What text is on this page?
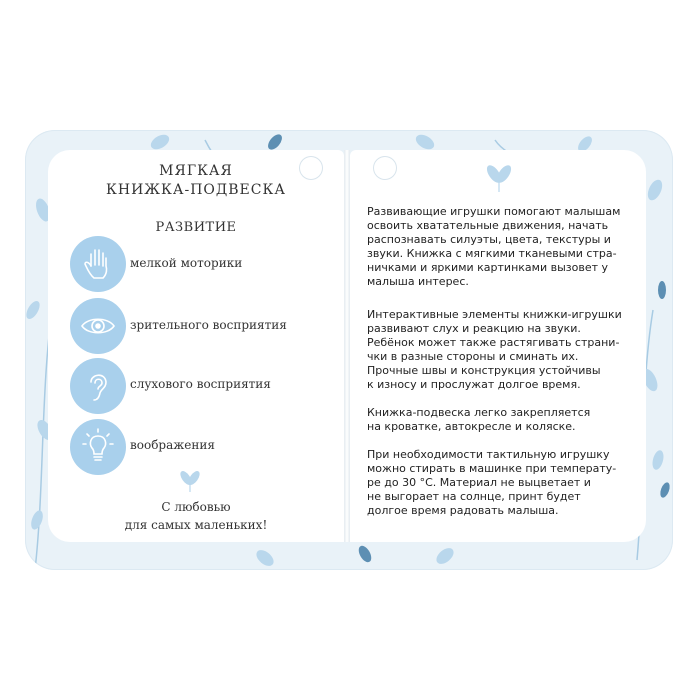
МЯГКАЯ
КНИЖКА-ПОДВЕСКА
РАЗВИТИЕ
мелкой моторики
зрительного восприятия
слухового восприятия
воображения
С любовью
для самых маленьких!

Развивающие игрушки помогают малышам
освоить хватательные движения, начать
распознавать силуэты, цвета, текстуры и
звуки. Книжка с мягкими тканевыми стра-
ничками и яркими картинками вызовет у
малыша интерес.

Интерактивные элементы книжки-игрушки
развивают слух и реакцию на звуки.
Ребёнок может также растягивать страни-
чки в разные стороны и сминать их.
Прочные швы и конструкция устойчивы
к износу и прослужат долгое время.

Книжка-подвеска легко закрепляется
на кроватке, автокресле и коляске.

При необходимости тактильную игрушку
можно стирать в машинке при температу-
ре до 30 °С. Материал не выцветает и
не выгорает на солнце, принт будет
долгое время радовать малыша.
